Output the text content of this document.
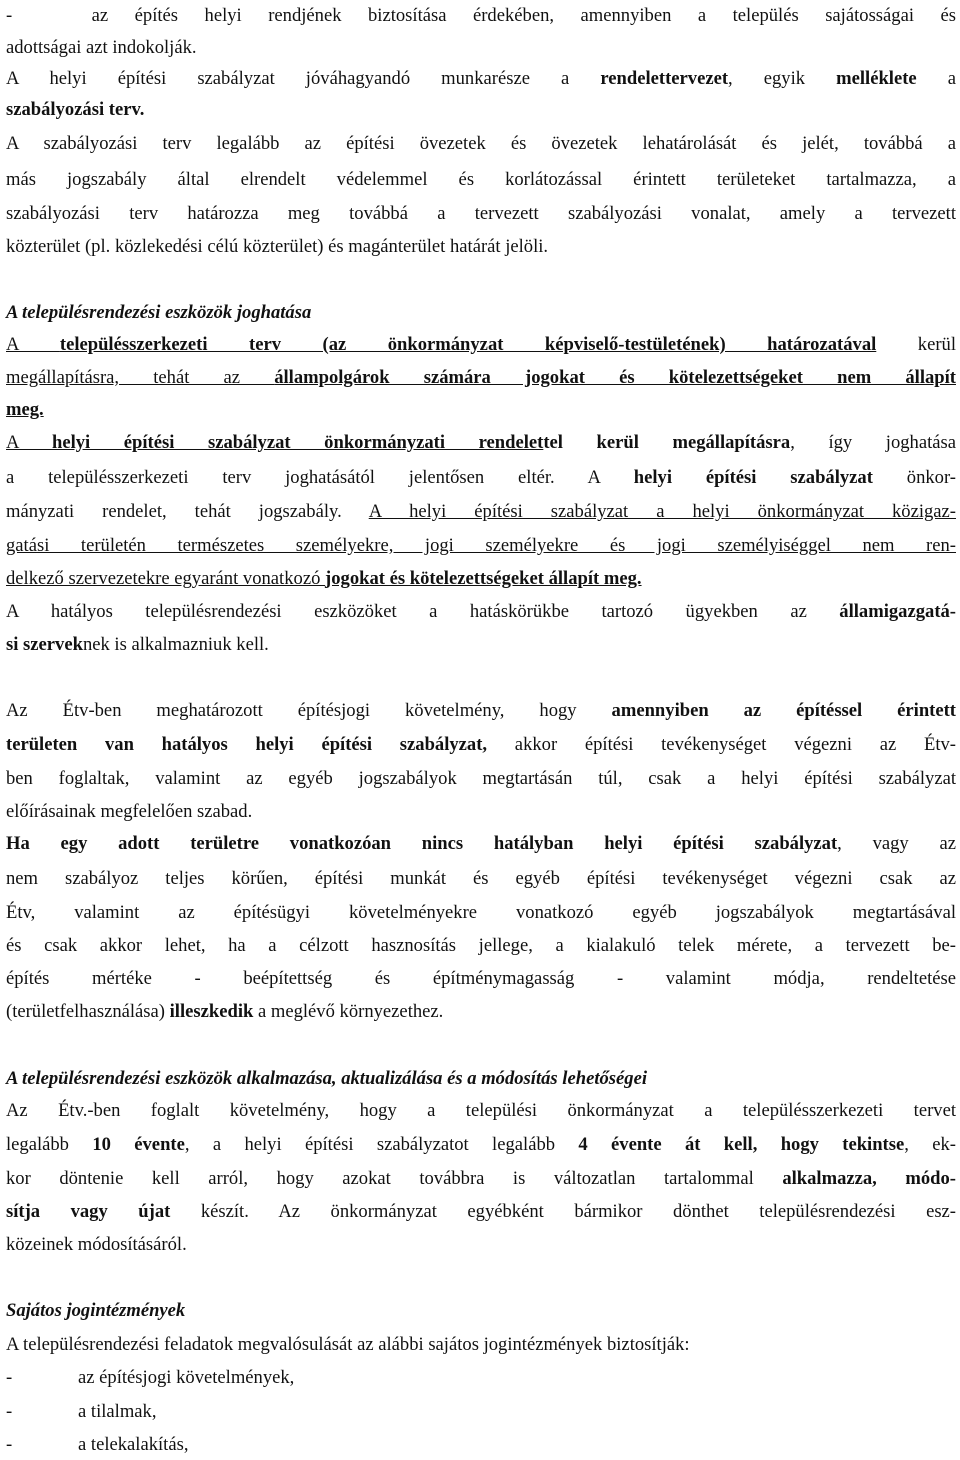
-   az építés helyi rendjének biztosítása érdekében, amennyiben a település sajátosságai és

adottságai azt indokolják.

A helyi építési szabályzat jóváhagyandó munkarésze a rendelettervezet, egyik melléklete a

szabályozási terv.

A szabályozási terv legalább az építési övezetek és övezetek lehatárolását és jelét, továbbá a

más jogszabály által elrendelt védelemmel és korlátozással érintett területeket tartalmazza, a

szabályozási terv határozza meg továbbá a tervezett szabályozási vonalat, amely a tervezett

közterület (pl. közlekedési célú közterület) és magánterület határát jelöli.

A településrendezési eszközök joghatása

A településszerkezeti terv (az önkormányzat képviselő-testületének) határozatával kerül

megállapításra, tehát az állampolgárok számára jogokat és kötelezettségeket nem állapít

meg.

A helyi építési szabályzat önkormányzati rendelettel kerül megállapításra, így joghatása

a településszerkezeti terv joghatásától jelentősen eltér. A helyi építési szabályzat önkor-

mányzati rendelet, tehát jogszabály. A helyi építési szabályzat a helyi önkormányzat közigaz-

gatási területén természetes személyekre, jogi személyekre és jogi személyiséggel nem ren-

delkező szervezetekre egyaránt vonatkozó jogokat és kötelezettségeket állapít meg.

A hatályos településrendezési eszközöket a hatáskörükbe tartozó ügyekben az államigazgatá-

si szerveknek is alkalmazniuk kell.

Az Étv-ben meghatározott építésjogi követelmény, hogy amennyiben az építéssel érintett

területen van hatályos helyi építési szabályzat, akkor építési tevékenységet végezni az Étv-

ben foglaltak, valamint az egyéb jogszabályok megtartásán túl, csak a helyi építési szabályzat

előírásainak megfelelően szabad.

Ha egy adott területre vonatkozóan nincs hatályban helyi építési szabályzat, vagy az

nem szabályoz teljes körűen, építési munkát és egyéb építési tevékenységet végezni csak az

Étv, valamint az építésügyi követelményekre vonatkozó egyéb jogszabályok megtartásával

és csak akkor lehet, ha a célzott hasznosítás jellege, a kialakuló telek mérete, a tervezett be-

építés mértéke - beépítettség és építménymagasság - valamint módja, rendeltetése

(területfelhasználása) illeszkedik a meglévő környezethez.

A településrendezési eszközök alkalmazása, aktualizálása és a módosítás lehetőségei

Az Étv.-ben foglalt követelmény, hogy a települési önkormányzat a településszerkezeti tervet

legalább 10 évente, a helyi építési szabályzatot legalább 4 évente át kell, hogy tekintse, ek-

kor döntenie kell arról, hogy azokat továbbra is változatlan tartalommal alkalmazza, módo-

sítja vagy újat készít. Az önkormányzat egyébként bármikor dönthet településrendezési esz-

közeinek módosításáról.

Sajátos jogintézmények

A településrendezési feladatok megvalósulását az alábbi sajátos jogintézmények biztosítják:

-	az építésjogi követelmények,

-	a tilalmak,

-	a telekalakítás,
